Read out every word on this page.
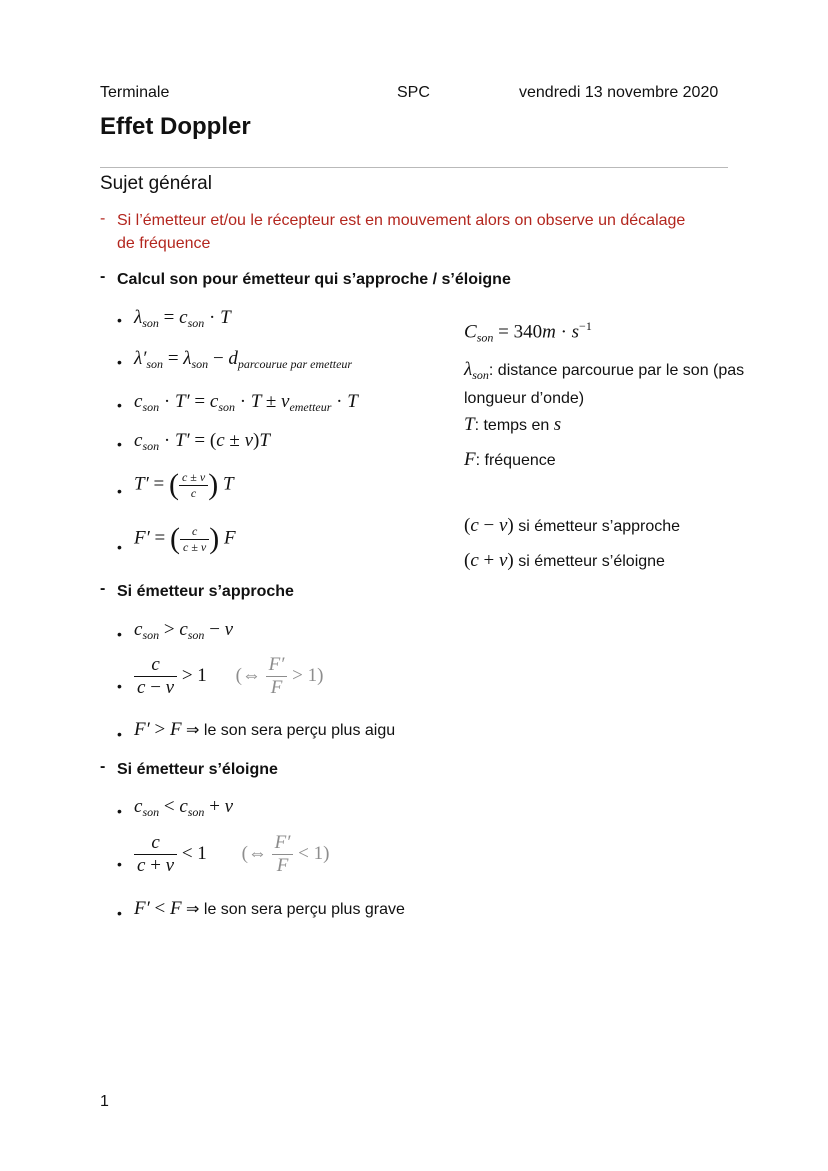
Terminale	SPC	vendredi 13 novembre 2020
Effet Doppler
Sujet général
- Si l’émetteur et/ou le récepteur est en mouvement alors on observe un décalage
de fréquence
- Calcul son pour émetteur qui s’approche / s’éloigne
• $\lambda_{son} = c_{son} \cdot T$
• $\lambda'_{son} = \lambda_{son} - d_{parcourue par emetteur}$
• $c_{son} \cdot T' = c_{son} \cdot T \pm v_{emetteur} \cdot T$
• $c_{son} \cdot T' = (c \pm v)T$
• T′ = ( $\frac{c \pm v}{c}$ ) T
• F′ = ( $\frac{c}{c \pm v}$ ) F
$C_{son} = 340m \cdot s^{-1}$
$\lambda_{son}$: distance parcourue par le son (pas
longueur d’onde)
T: temps en s
F: fréquence
(c − v) si émetteur s’approche
(c + v) si émetteur s’éloigne
- Si émetteur s’approche
• $c_{son} > c_{son} - v$
• $\frac{c}{c - v} > 1$ (⇔ $\frac{F'}{F} > 1$)
• F′ > F ⇒ le son sera perçu plus aigu
- Si émetteur s’éloigne
• $c_{son} < c_{son} + v$
• $\frac{c}{c + v} < 1$ (⇔ $\frac{F'}{F} < 1$)
• F′ < F ⇒ le son sera perçu plus grave
1
